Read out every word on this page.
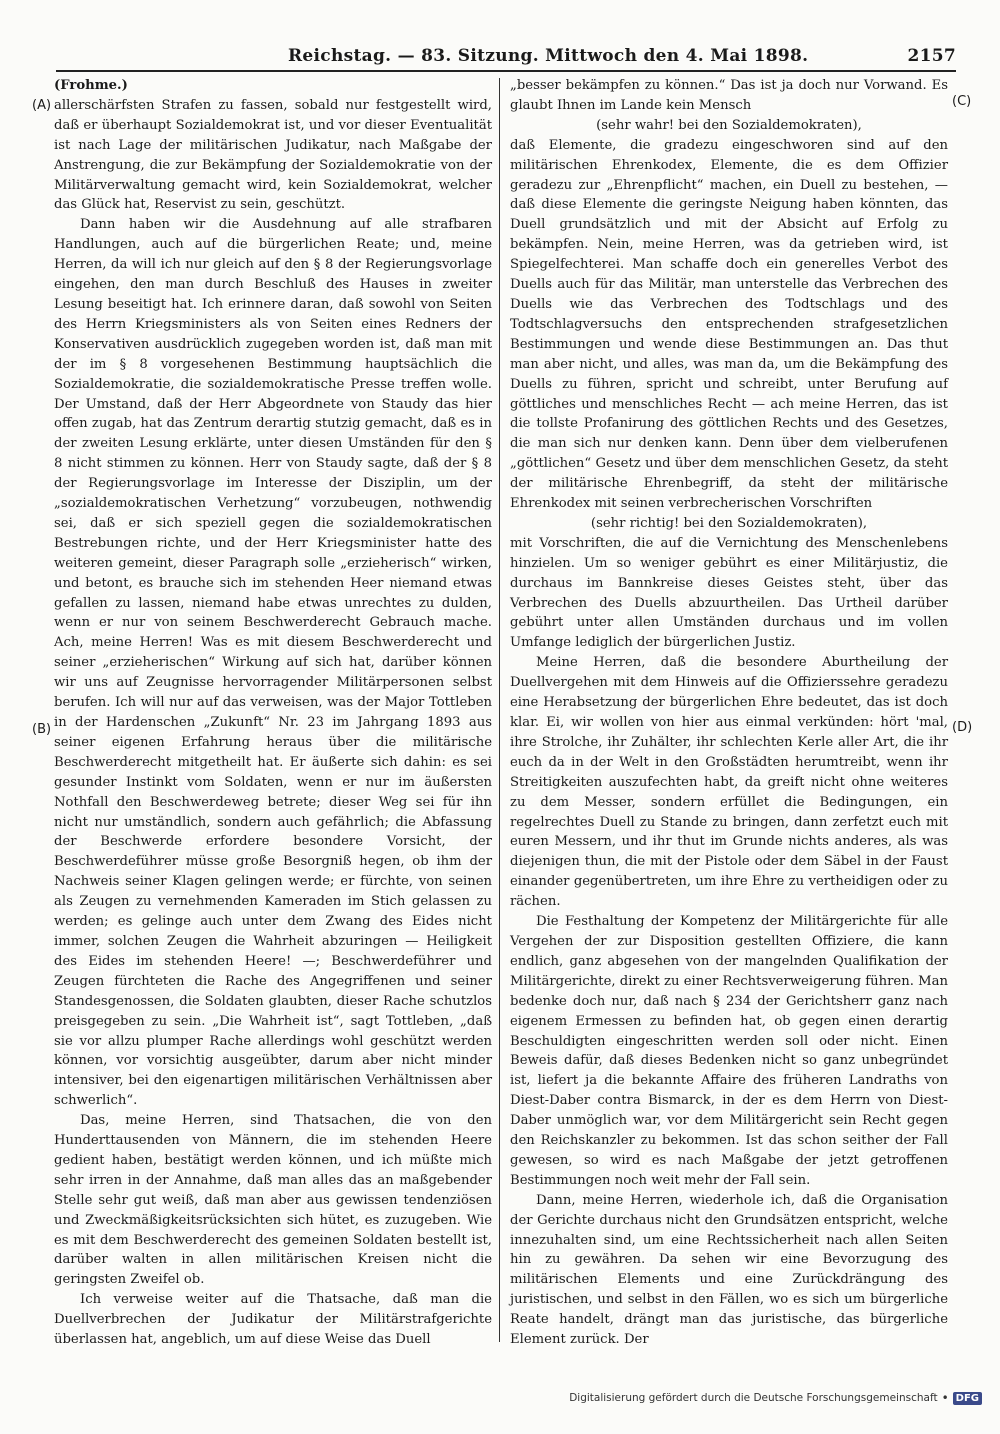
Reichstag. — 83. Sitzung. Mittwoch den 4. Mai 1898.	2157
(A)
(B)
(C)
(D)

(Frohme.)

allerschärfsten Strafen zu fassen, sobald nur festgestellt wird, daß er überhaupt Sozialdemokrat ist, und vor dieser Eventualität ist nach Lage der militärischen Judikatur, nach Maßgabe der Anstrengung, die zur Bekämpfung der Sozialdemokratie von der Militärverwaltung gemacht wird, kein Sozialdemokrat, welcher das Glück hat, Reservist zu sein, geschützt.

Dann haben wir die Ausdehnung auf alle strafbaren Handlungen, auch auf die bürgerlichen Reate; und, meine Herren, da will ich nur gleich auf den § 8 der Regierungsvorlage eingehen, den man durch Beschluß des Hauses in zweiter Lesung beseitigt hat. Ich erinnere daran, daß sowohl von Seiten des Herrn Kriegsministers als von Seiten eines Redners der Konservativen ausdrücklich zugegeben worden ist, daß man mit der im § 8 vorgesehenen Bestimmung hauptsächlich die Sozialdemokratie, die sozialdemokratische Presse treffen wolle. Der Umstand, daß der Herr Abgeordnete von Staudy das hier offen zugab, hat das Zentrum derartig stutzig gemacht, daß es in der zweiten Lesung erklärte, unter diesen Umständen für den § 8 nicht stimmen zu können. Herr von Staudy sagte, daß der § 8 der Regierungsvorlage im Interesse der Disziplin, um der „sozialdemokratischen Verhetzung“ vorzubeugen, nothwendig sei, daß er sich speziell gegen die sozialdemokratischen Bestrebungen richte, und der Herr Kriegsminister hatte des weiteren gemeint, dieser Paragraph solle „erzieherisch“ wirken, und betont, es brauche sich im stehenden Heer niemand etwas gefallen zu lassen, niemand habe etwas unrechtes zu dulden, wenn er nur von seinem Beschwerderecht Gebrauch mache. Ach, meine Herren! Was es mit diesem Beschwerderecht und seiner „erzieherischen“ Wirkung auf sich hat, darüber können wir uns auf Zeugnisse hervorragender Militärpersonen selbst berufen. Ich will nur auf das verweisen, was der Major Tottleben in der Hardenschen „Zukunft“ Nr. 23 im Jahrgang 1893 aus seiner eigenen Erfahrung heraus über die militärische Beschwerderecht mitgetheilt hat. Er äußerte sich dahin: es sei gesunder Instinkt vom Soldaten, wenn er nur im äußersten Nothfall den Beschwerdeweg betrete; dieser Weg sei für ihn nicht nur umständlich, sondern auch gefährlich; die Abfassung der Beschwerde erfordere besondere Vorsicht, der Beschwerdeführer müsse große Besorgniß hegen, ob ihm der Nachweis seiner Klagen gelingen werde; er fürchte, von seinen als Zeugen zu vernehmenden Kameraden im Stich gelassen zu werden; es gelinge auch unter dem Zwang des Eides nicht immer, solchen Zeugen die Wahrheit abzuringen — Heiligkeit des Eides im stehenden Heere! —; Beschwerdeführer und Zeugen fürchteten die Rache des Angegriffenen und seiner Standesgenossen, die Soldaten glaubten, dieser Rache schutzlos preisgegeben zu sein. „Die Wahrheit ist“, sagt Tottleben, „daß sie vor allzu plumper Rache allerdings wohl geschützt werden können, vor vorsichtig ausgeübter, darum aber nicht minder intensiver, bei den eigenartigen militärischen Verhältnissen aber schwerlich“.

Das, meine Herren, sind Thatsachen, die von den Hunderttausenden von Männern, die im stehenden Heere gedient haben, bestätigt werden können, und ich müßte mich sehr irren in der Annahme, daß man alles das an maßgebender Stelle sehr gut weiß, daß man aber aus gewissen tendenziösen und Zweckmäßigkeitsrücksichten sich hütet, es zuzugeben. Wie es mit dem Beschwerderecht des gemeinen Soldaten bestellt ist, darüber walten in allen militärischen Kreisen nicht die geringsten Zweifel ob.

Ich verweise weiter auf die Thatsache, daß man die Duellverbrechen der Judikatur der Militärstrafgerichte überlassen hat, angeblich, um auf diese Weise das Duell

„besser bekämpfen zu können.“ Das ist ja doch nur Vorwand. Es glaubt Ihnen im Lande kein Mensch

(sehr wahr! bei den Sozialdemokraten),

daß Elemente, die gradezu eingeschworen sind auf den militärischen Ehrenkodex, Elemente, die es dem Offizier geradezu zur „Ehrenpflicht“ machen, ein Duell zu bestehen, — daß diese Elemente die geringste Neigung haben könnten, das Duell grundsätzlich und mit der Absicht auf Erfolg zu bekämpfen. Nein, meine Herren, was da getrieben wird, ist Spiegelfechterei. Man schaffe doch ein generelles Verbot des Duells auch für das Militär, man unterstelle das Verbrechen des Duells wie das Verbrechen des Todtschlags und des Todtschlagversuchs den entsprechenden strafgesetzlichen Bestimmungen und wende diese Bestimmungen an. Das thut man aber nicht, und alles, was man da, um die Bekämpfung des Duells zu führen, spricht und schreibt, unter Berufung auf göttliches und menschliches Recht — ach meine Herren, das ist die tollste Profanirung des göttlichen Rechts und des Gesetzes, die man sich nur denken kann. Denn über dem vielberufenen „göttlichen“ Gesetz und über dem menschlichen Gesetz, da steht der militärische Ehrenbegriff, da steht der militärische Ehrenkodex mit seinen verbrecherischen Vorschriften

(sehr richtig! bei den Sozialdemokraten),

mit Vorschriften, die auf die Vernichtung des Menschenlebens hinzielen. Um so weniger gebührt es einer Militärjustiz, die durchaus im Bannkreise dieses Geistes steht, über das Verbrechen des Duells abzuurtheilen. Das Urtheil darüber gebührt unter allen Umständen durchaus und im vollen Umfange lediglich der bürgerlichen Justiz.

Meine Herren, daß die besondere Aburtheilung der Duellvergehen mit dem Hinweis auf die Offizierssehre geradezu eine Herabsetzung der bürgerlichen Ehre bedeutet, das ist doch klar. Ei, wir wollen von hier aus einmal verkünden: hört 'mal, ihre Strolche, ihr Zuhälter, ihr schlechten Kerle aller Art, die ihr euch da in der Welt in den Großstädten herumtreibt, wenn ihr Streitigkeiten auszufechten habt, da greift nicht ohne weiteres zu dem Messer, sondern erfüllet die Bedingungen, ein regelrechtes Duell zu Stande zu bringen, dann zerfetzt euch mit euren Messern, und ihr thut im Grunde nichts anderes, als was diejenigen thun, die mit der Pistole oder dem Säbel in der Faust einander gegenübertreten, um ihre Ehre zu vertheidigen oder zu rächen.

Die Festhaltung der Kompetenz der Militärgerichte für alle Vergehen der zur Disposition gestellten Offiziere, die kann endlich, ganz abgesehen von der mangelnden Qualifikation der Militärgerichte, direkt zu einer Rechtsverweigerung führen. Man bedenke doch nur, daß nach § 234 der Gerichtsherr ganz nach eigenem Ermessen zu befinden hat, ob gegen einen derartig Beschuldigten eingeschritten werden soll oder nicht. Einen Beweis dafür, daß dieses Bedenken nicht so ganz unbegründet ist, liefert ja die bekannte Affaire des früheren Landraths von Diest-Daber contra Bismarck, in der es dem Herrn von Diest-Daber unmöglich war, vor dem Militärgericht sein Recht gegen den Reichskanzler zu bekommen. Ist das schon seither der Fall gewesen, so wird es nach Maßgabe der jetzt getroffenen Bestimmungen noch weit mehr der Fall sein.

Dann, meine Herren, wiederhole ich, daß die Organisation der Gerichte durchaus nicht den Grundsätzen entspricht, welche innezuhalten sind, um eine Rechtssicherheit nach allen Seiten hin zu gewähren. Da sehen wir eine Bevorzugung des militärischen Elements und eine Zurückdrängung des juristischen, und selbst in den Fällen, wo es sich um bürgerliche Reate handelt, drängt man das juristische, das bürgerliche Element zurück. Der

Digitalisierung gefördert durch die Deutsche Forschungsgemeinschaft • DFG
